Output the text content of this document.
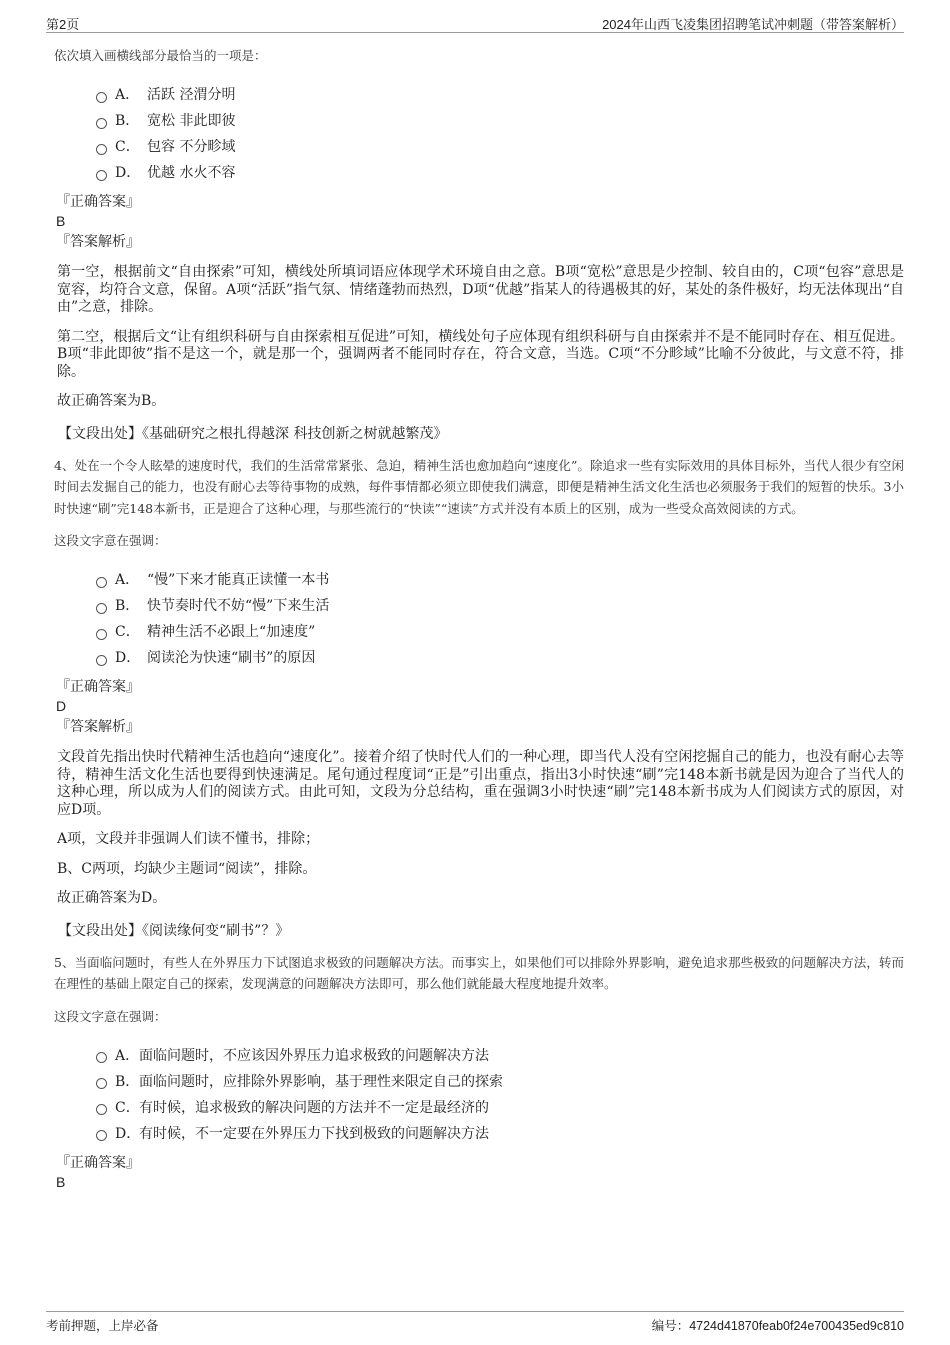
第2页	2024年山西飞凌集团招聘笔试冲刺题（带答案解析）
依次填入画横线部分最恰当的一项是：
A． 活跃 泾渭分明
B． 宽松 非此即彼
C． 包容 不分畛域
D． 优越 水火不容
『正确答案』
B
『答案解析』
第一空，根据前文“自由探索”可知，横线处所填词语应体现学术环境自由之意。B项“宽松”意思是少控制、较自由的，C项“包容”意思是宽容，均符合文意，保留。A项“活跃”指气氛、情绪蓬勃而热烈，D项“优越”指某人的待遇极其的好，某处的条件极好，均无法体现出“自由”之意，排除。
第二空，根据后文“让有组织科研与自由探索相互促进”可知，横线处句子应体现有组织科研与自由探索并不是不能同时存在、相互促进。B项“非此即彼”指不是这一个，就是那一个，强调两者不能同时存在，符合文意，当选。C项“不分畛域”比喻不分彼此，与文意不符，排除。
故正确答案为B。
【文段出处】《基础研究之根扎得越深 科技创新之树就越繁茂》
4、处在一个令人眩晕的速度时代，我们的生活常常紧张、急迫，精神生活也愈加趋向“速度化”。除追求一些有实际效用的具体目标外，当代人很少有空闲时间去发掘自己的能力，也没有耐心去等待事物的成熟，每件事情都必须立即使我们满意，即便是精神生活文化生活也必须服务于我们的短暂的快乐。3小时快速“刷”完148本新书，正是迎合了这种心理，与那些流行的“快读”“速读”方式并没有本质上的区别，成为一些受众高效阅读的方式。
这段文字意在强调：
A． “慢”下来才能真正读懂一本书
B． 快节奏时代不妨“慢”下来生活
C． 精神生活不必跟上“加速度”
D． 阅读沦为快速“刷书”的原因
『正确答案』
D
『答案解析』
文段首先指出快时代精神生活也趋向“速度化”。接着介绍了快时代人们的一种心理，即当代人没有空闲挖掘自己的能力，也没有耐心去等待，精神生活文化生活也要得到快速满足。尾句通过程度词“正是”引出重点，指出3小时快速“刷”完148本新书就是因为迎合了当代人的这种心理，所以成为人们的阅读方式。由此可知，文段为分总结构，重在强调3小时快速“刷”完148本新书成为人们阅读方式的原因，对应D项。
A项，文段并非强调人们读不懂书，排除；
B、C两项，均缺少主题词“阅读”，排除。
故正确答案为D。
【文段出处】《阅读缘何变“刷书”？》
5、当面临问题时，有些人在外界压力下试图追求极致的问题解决方法。而事实上，如果他们可以排除外界影响，避免追求那些极致的问题解决方法，转而在理性的基础上限定自己的探索，发现满意的问题解决方法即可，那么他们就能最大程度地提升效率。
这段文字意在强调：
A． 面临问题时，不应该因外界压力追求极致的问题解决方法
B． 面临问题时，应排除外界影响，基于理性来限定自己的探索
C． 有时候，追求极致的解决问题的方法并不一定是最经济的
D．
有时候，不一定要在外界压力下找到极致的问题解决方法
『正确答案』
B
考前押题，上岸必备	编号：4724d41870feab0f24e700435ed9c810
